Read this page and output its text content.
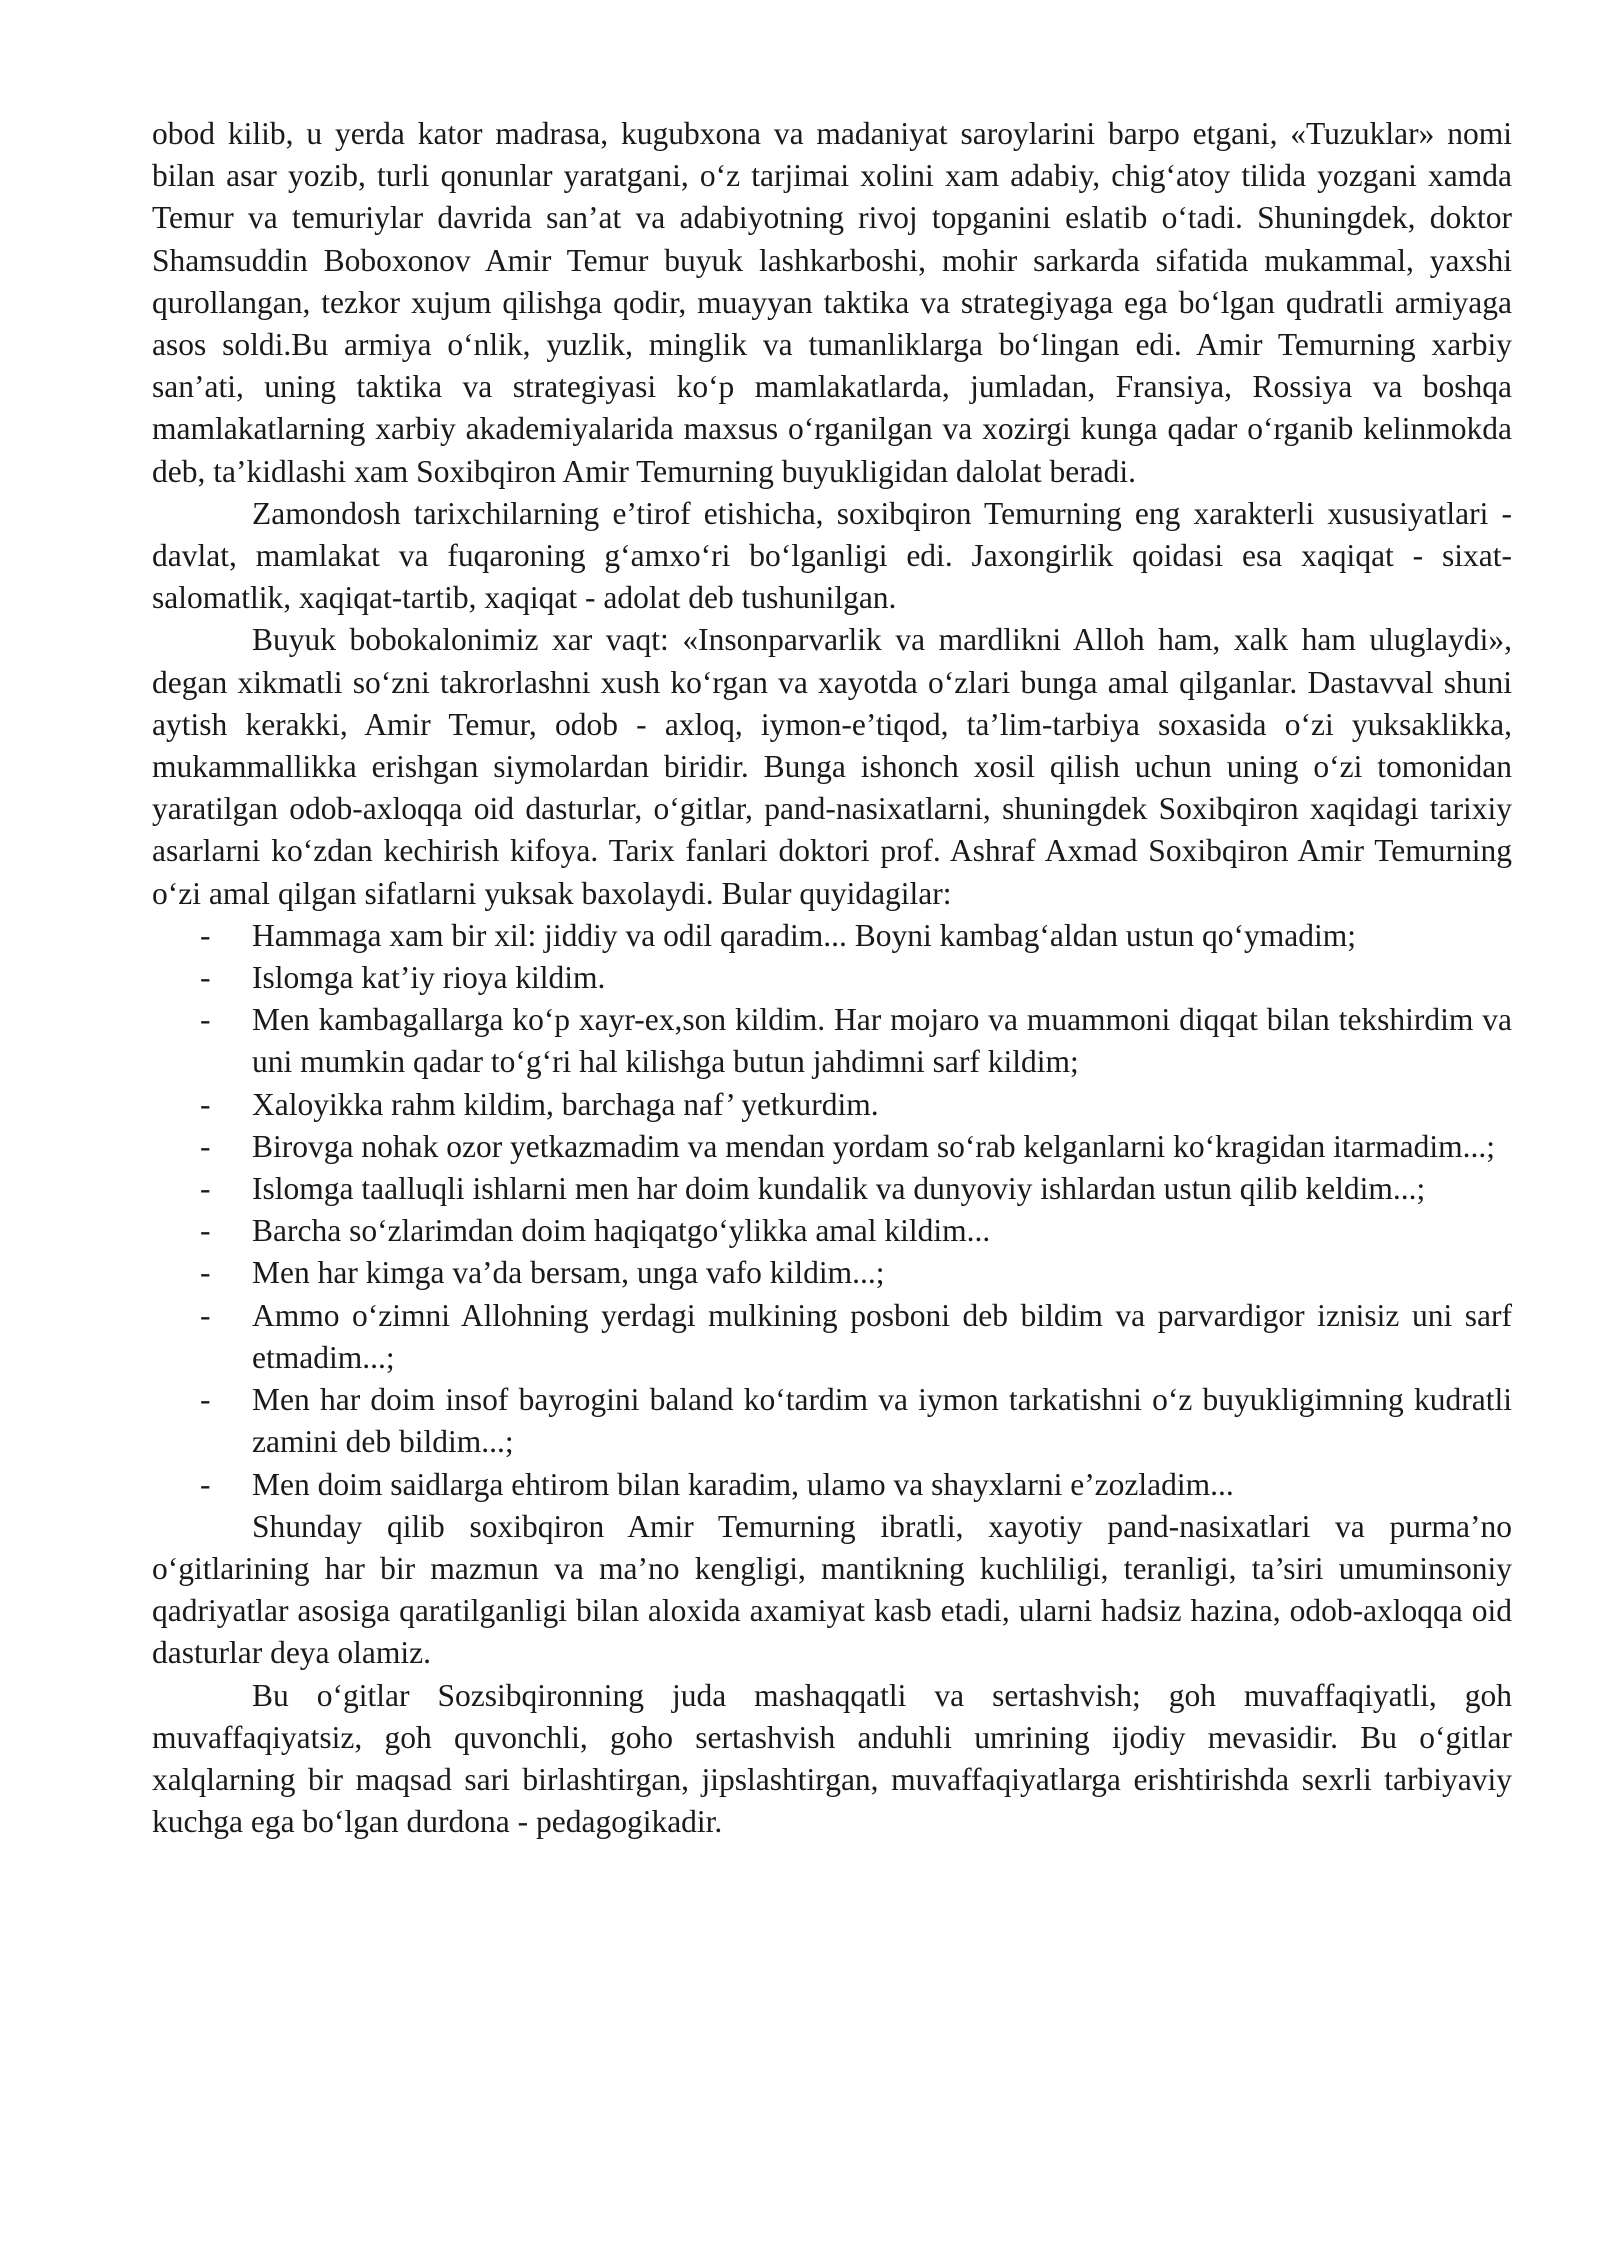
obod kilib, u yerda kator madrasa, kugubxona va madaniyat saroylarini barpo etgani, «Tuzuklar» nomi bilan asar yozib, turli qonunlar yaratgani, o‘z tarjimai xolini xam adabiy, chig‘atoy tilida yozgani xamda Temur va temuriylar davrida san’at va adabiyotning rivoj topganini eslatib o‘tadi. Shuningdek, doktor Shamsuddin Boboxonov Amir Temur buyuk lashkarboshi, mohir sarkarda sifatida mukammal, yaxshi qurollangan, tezkor xujum qilishga qodir, muayyan taktika va strategiyaga ega bo‘lgan qudratli armiyaga asos soldi.Bu armiya o‘nlik, yuzlik, minglik va tumanliklarga bo‘lingan edi. Amir Temurning xarbiy san’ati, uning taktika va strategiyasi ko‘p mamlakatlarda, jumladan, Fransiya, Rossiya va boshqa mamlakatlarning xarbiy akademiyalarida maxsus o‘rganilgan va xozirgi kunga qadar o‘rganib kelinmokda deb, ta’kidlashi xam Soxibqiron Amir Temurning buyukligidan dalolat beradi.

Zamondosh tarixchilarning e’tirof etishicha, soxibqiron Temurning eng xarakterli xususiyatlari - davlat, mamlakat va fuqaroning g‘amxo‘ri bo‘lganligi edi. Jaxongirlik qoidasi esa xaqiqat - sixat-salomatlik, xaqiqat-tartib, xaqiqat - adolat deb tushunilgan.

Buyuk bobokalonimiz xar vaqt: «Insonparvarlik va mardlikni Alloh ham, xalk ham uluglaydi», degan xikmatli so‘zni takrorlashni xush ko‘rgan va xayotda o‘zlari bunga amal qilganlar. Dastavval shuni aytish kerakki, Amir Temur, odob - axloq, iymon-e’tiqod, ta’lim-tarbiya soxasida o‘zi yuksaklikka, mukammallikka erishgan siymolardan biridir. Bunga ishonch xosil qilish uchun uning o‘zi tomonidan yaratilgan odob-axloqqa oid dasturlar, o‘gitlar, pand-nasixatlarni, shuningdek Soxibqiron xaqidagi tarixiy asarlarni ko‘zdan kechirish kifoya. Tarix fanlari doktori prof. Ashraf Axmad Soxibqiron Amir Temurning o‘zi amal qilgan sifatlarni yuksak baxolaydi. Bular quyidagilar:

- Hammaga xam bir xil: jiddiy va odil qaradim... Boyni kambag‘aldan ustun qo‘ymadim;
- Islomga kat’iy rioya kildim.
- Men kambagallarga ko‘p xayr-ex,son kildim. Har mojaro va muammoni diqqat bilan tekshirdim va uni mumkin qadar to‘g‘ri hal kilishga butun jahdimni sarf kildim;
- Xaloyikka rahm kildim, barchaga naf’ yetkurdim.
- Birovga nohak ozor yetkazmadim va mendan yordam so‘rab kelganlarni ko‘kragidan itarmadim...;
- Islomga taalluqli ishlarni men har doim kundalik va dunyoviy ishlardan ustun qilib keldim...;
- Barcha so‘zlarimdan doim haqiqatgo‘ylikka amal kildim...
- Men har kimga va’da bersam, unga vafo kildim...;
- Ammo o‘zimni Allohning yerdagi mulkining posboni deb bildim va parvardigor iznisiz uni sarf etmadim...;
- Men har doim insof bayrogini baland ko‘tardim va iymon tarkatishni o‘z buyukligimning kudratli zamini deb bildim...;
- Men doim saidlarga ehtirom bilan karadim, ulamo va shayxlarni e’zozladim...

Shunday qilib soxibqiron Amir Temurning ibratli, xayotiy pand-nasixatlari va purma’no o‘gitlarining har bir mazmun va ma’no kengligi, mantikning kuchliligi, teranligi, ta’siri umuminsoniy qadriyatlar asosiga qaratilganligi bilan aloxida axamiyat kasb etadi, ularni hadsiz hazina, odob-axloqqa oid dasturlar deya olamiz.

Bu o‘gitlar Sozsibqironning juda mashaqqatli va sertashvish; goh muvaffaqiyatli, goh muvaffaqiyatsiz, goh quvonchli, goho sertashvish anduhli umrining ijodiy mevasidir. Bu o‘gitlar xalqlarning bir maqsad sari birlashtirgan, jipslashtirgan, muvaffaqiyatlarga erishtirishda sexrli tarbiyaviy kuchga ega bo‘lgan durdona - pedagogikadir.
